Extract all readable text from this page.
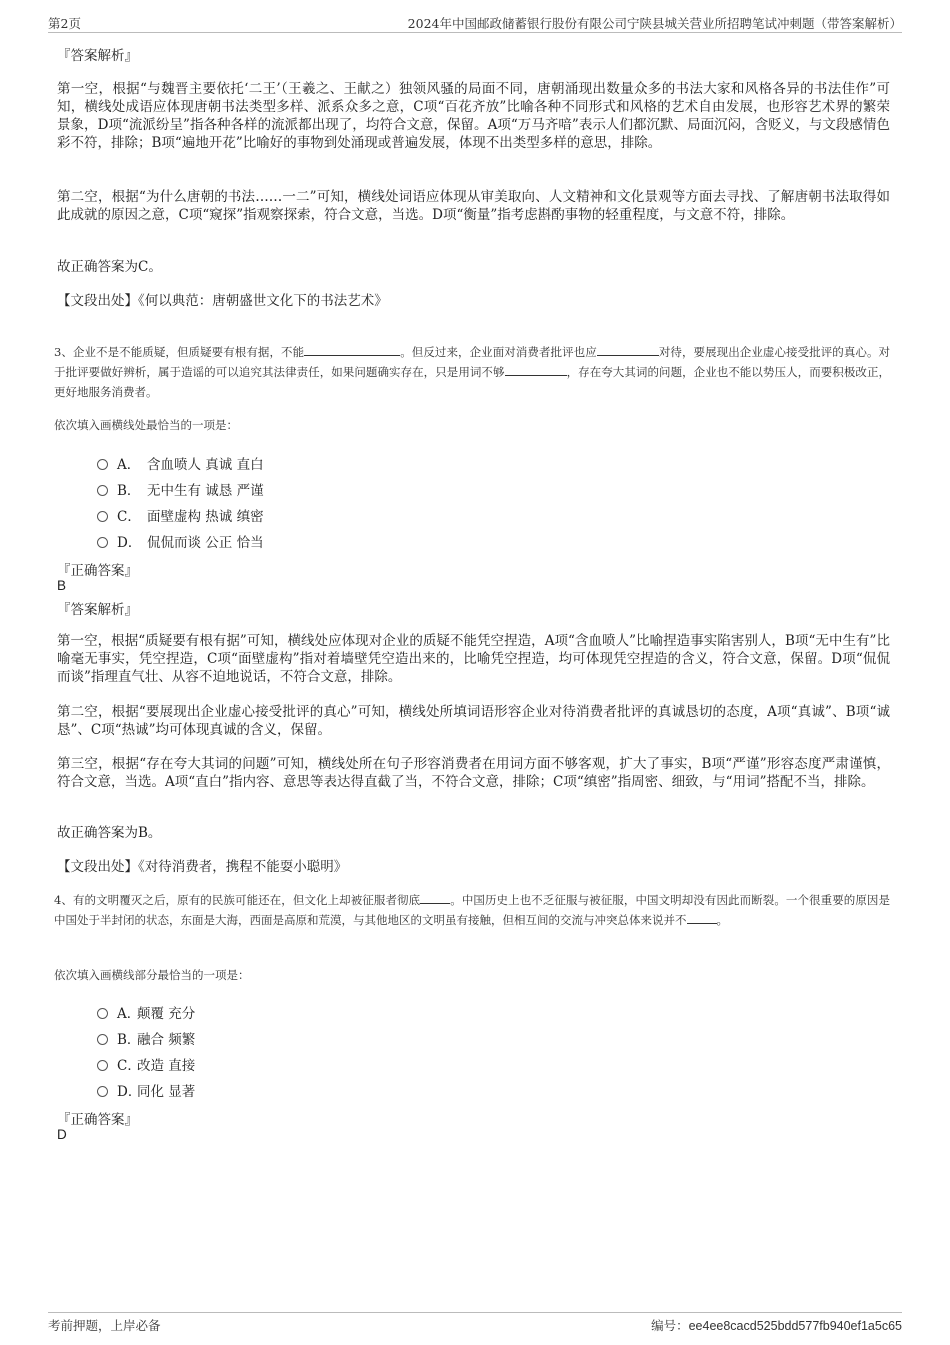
第2页	2024年中国邮政储蓄银行股份有限公司宁陕县城关营业所招聘笔试冲刺题（带答案解析）
『答案解析』

第一空，根据“与魏晋主要依托‘二王’（王羲之、王献之）独领风骚的局面不同，唐朝涌现出数量众多的书法大家和风格各异的书法佳作”可知，横线处成语应体现唐朝书法类型多样、派系众多之意，C项“百花齐放”比喻各种不同形式和风格的艺术自由发展，也形容艺术界的繁荣景象，D项“流派纷呈”指各种各样的流派都出现了，均符合文意，保留。A项“万马齐喑”表示人们都沉默、局面沉闷，含贬义，与文段感情色彩不符，排除；B项“遍地开花”比喻好的事物到处涌现或普遍发展，体现不出类型多样的意思，排除。

第二空，根据“为什么唐朝的书法……一二”可知，横线处词语应体现从审美取向、人文精神和文化景观等方面去寻找、了解唐朝书法取得如此成就的原因之意，C项“窥探”指观察探索，符合文意，当选。D项“衡量”指考虑斟酌事物的轻重程度，与文意不符，排除。

故正确答案为C。
【文段出处】《何以典范：唐朝盛世文化下的书法艺术》

3、企业不是不能质疑，但质疑要有根有据，不能	。但反过来，企业面对消费者批评也应	对待，要展现出企业虚心接受批评的真心。对于批评要做好辨析，属于造谣的可以追究其法律责任，如果问题确实存在，只是用词不够	，存在夸大其词的问题，企业也不能以势压人，而要积极改正，更好地服务消费者。

依次填入画横线处最恰当的一项是：
A． 含血喷人 真诚 直白
B． 无中生有 诚恳 严谨
C． 面壁虚构 热诚 缜密
D． 侃侃而谈 公正 恰当
『正确答案』
B
『答案解析』

第一空，根据“质疑要有根有据”可知，横线处应体现对企业的质疑不能凭空捏造，A项“含血喷人”比喻捏造事实陷害别人，B项“无中生有”比喻毫无事实，凭空捏造，C项“面壁虚构”指对着墙壁凭空造出来的，比喻凭空捏造，均可体现凭空捏造的含义，符合文意，保留。D项“侃侃而谈”指理直气壮、从容不迫地说话，不符合文意，排除。

第二空，根据“要展现出企业虚心接受批评的真心”可知，横线处所填词语形容企业对待消费者批评的真诚恳切的态度，A项“真诚”、B项“诚恳”、C项“热诚”均可体现真诚的含义，保留。

第三空，根据“存在夸大其词的问题”可知，横线处所在句子形容消费者在用词方面不够客观，扩大了事实，B项“严谨”形容态度严肃谨慎，符合文意，当选。A项“直白”指内容、意思等表达得直截了当，不符合文意，排除；C项“缜密”指周密、细致，与“用词”搭配不当，排除。

故正确答案为B。
【文段出处】《对待消费者，携程不能耍小聪明》

4、有的文明覆灭之后，原有的民族可能还在，但文化上却被征服者彻底	。中国历史上也不乏征服与被征服，中国文明却没有因此而断裂。一个很重要的原因是中国处于半封闭的状态，东面是大海，西面是高原和荒漠，与其他地区的文明虽有接触，但相互间的交流与冲突总体来说并不	。

依次填入画横线部分最恰当的一项是：
A．颠覆 充分
B．融合 频繁
C．改造 直接
D．同化 显著
『正确答案』
D
考前押题，上岸必备	编号：ee4ee8cacd525bdd577fb940ef1a5c65
